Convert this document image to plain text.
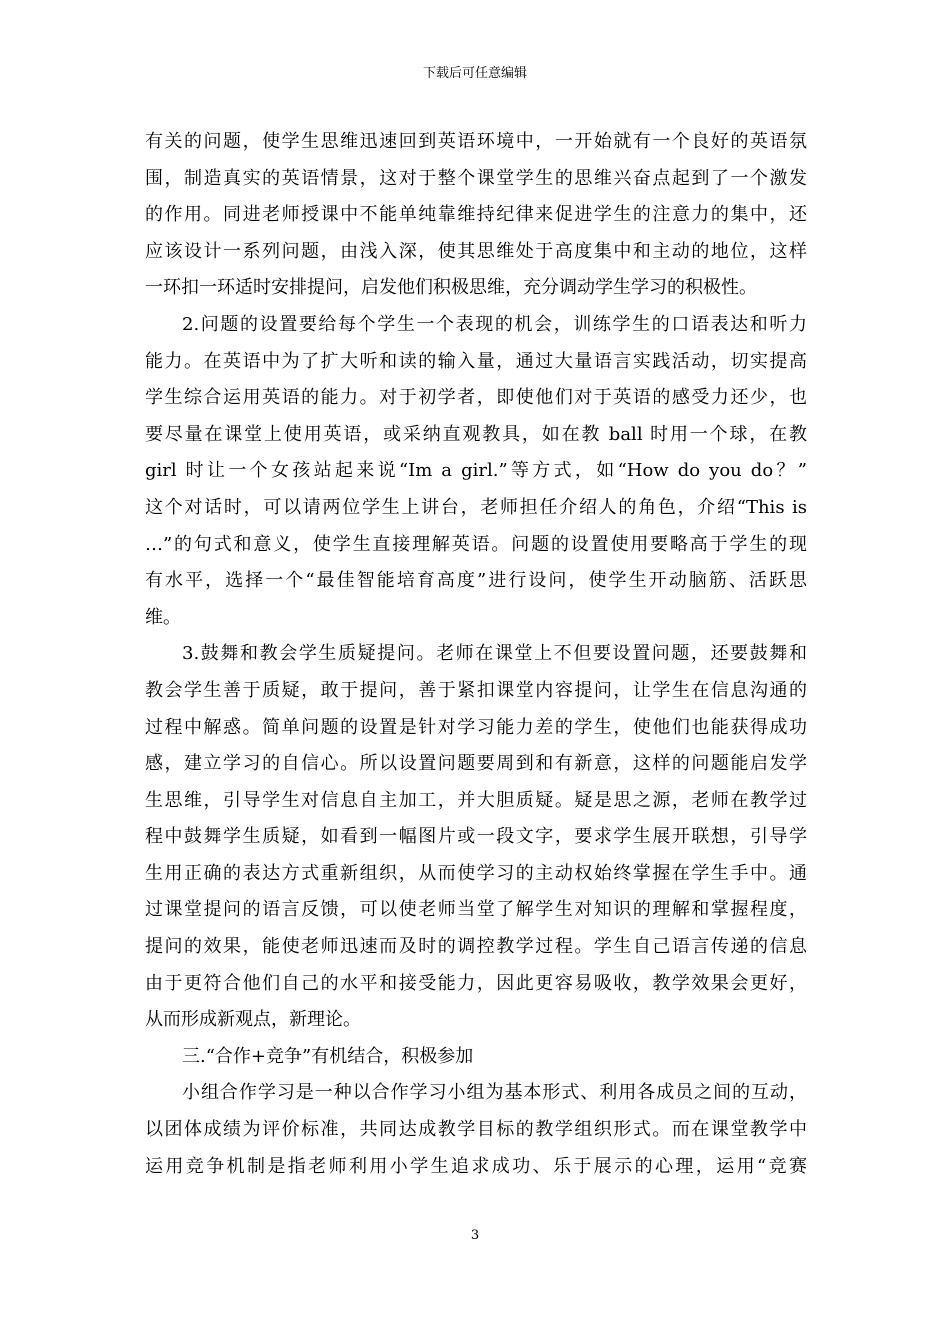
下载后可任意编辑
有关的问题，使学生思维迅速回到英语环境中，一开始就有一个良好的英语氛
围，制造真实的英语情景，这对于整个课堂学生的思维兴奋点起到了一个激发
的作用。同进老师授课中不能单纯靠维持纪律来促进学生的注意力的集中，还
应该设计一系列问题，由浅入深，使其思维处于高度集中和主动的地位，这样
一环扣一环适时安排提问，启发他们积极思维，充分调动学生学习的积极性。
2.问题的设置要给每个学生一个表现的机会，训练学生的口语表达和听力
能力。在英语中为了扩大听和读的输入量，通过大量语言实践活动，切实提高
学生综合运用英语的能力。对于初学者，即使他们对于英语的感受力还少，也
要尽量在课堂上使用英语，或采纳直观教具，如在教 ball 时用一个球，在教
girl 时让一个女孩站起来说“Im a girl.”等方式，如“How do you do？”
这个对话时，可以请两位学生上讲台，老师担任介绍人的角色，介绍“This is
…”的句式和意义，使学生直接理解英语。问题的设置使用要略高于学生的现
有水平，选择一个“最佳智能培育高度”进行设问，使学生开动脑筋、活跃思
维。
3.鼓舞和教会学生质疑提问。老师在课堂上不但要设置问题，还要鼓舞和
教会学生善于质疑，敢于提问，善于紧扣课堂内容提问，让学生在信息沟通的
过程中解惑。简单问题的设置是针对学习能力差的学生，使他们也能获得成功
感，建立学习的自信心。所以设置问题要周到和有新意，这样的问题能启发学
生思维，引导学生对信息自主加工，并大胆质疑。疑是思之源，老师在教学过
程中鼓舞学生质疑，如看到一幅图片或一段文字，要求学生展开联想，引导学
生用正确的表达方式重新组织，从而使学习的主动权始终掌握在学生手中。通
过课堂提问的语言反馈，可以使老师当堂了解学生对知识的理解和掌握程度，
提问的效果，能使老师迅速而及时的调控教学过程。学生自己语言传递的信息
由于更符合他们自己的水平和接受能力，因此更容易吸收，教学效果会更好，
从而形成新观点，新理论。
三.“合作+竞争”有机结合，积极参加
小组合作学习是一种以合作学习小组为基本形式、利用各成员之间的互动，
以团体成绩为评价标准，共同达成教学目标的教学组织形式。而在课堂教学中
运用竞争机制是指老师利用小学生追求成功、乐于展示的心理，运用“竞赛
3
